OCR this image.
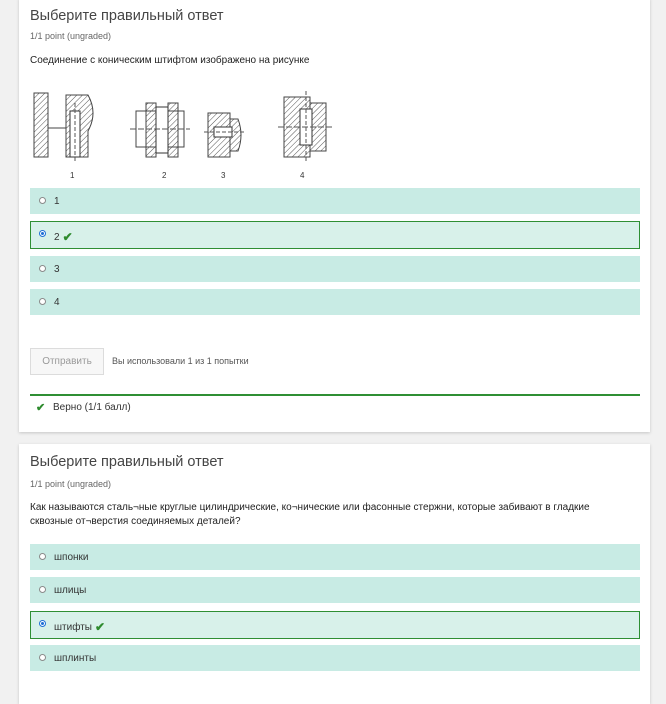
Выберите правильный ответ
1/1 point (ungraded)
Соединение с коническим штифтом изображено на рисунке
1	2	3	4
1
2 ✔
3
4
Отправить	Вы использовали 1 из 1 попытки
✔ Верно (1/1 балл)
Выберите правильный ответ
1/1 point (ungraded)
Как называются сталь¬ные круглые цилиндрические, ко¬нические или фасонные стержни, которые забивают в гладкие сквозные от¬верстия соединяемых деталей?
шпонки
шлицы
штифты ✔
шплинты
